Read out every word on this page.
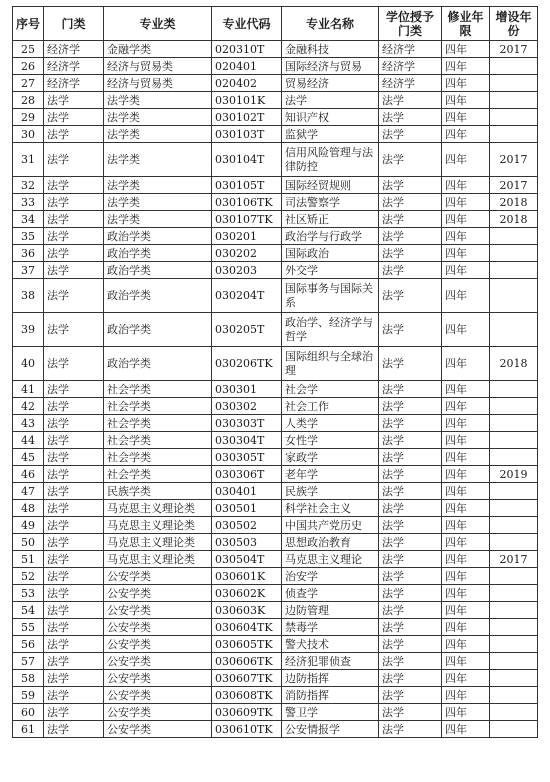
序号	门类	专业类	专业代码	专业名称	学位授予门类	修业年限	增设年份
25	经济学	金融学类	020310T	金融科技	经济学	四年	2017
26	经济学	经济与贸易类	020401	国际经济与贸易	经济学	四年	
27	经济学	经济与贸易类	020402	贸易经济	经济学	四年	
28	法学	法学类	030101K	法学	法学	四年	
29	法学	法学类	030102T	知识产权	法学	四年	
30	法学	法学类	030103T	监狱学	法学	四年	
31	法学	法学类	030104T	信用风险管理与法律防控	法学	四年	2017
32	法学	法学类	030105T	国际经贸规则	法学	四年	2017
33	法学	法学类	030106TK	司法警察学	法学	四年	2018
34	法学	法学类	030107TK	社区矫正	法学	四年	2018
35	法学	政治学类	030201	政治学与行政学	法学	四年	
36	法学	政治学类	030202	国际政治	法学	四年	
37	法学	政治学类	030203	外交学	法学	四年	
38	法学	政治学类	030204T	国际事务与国际关系	法学	四年	
39	法学	政治学类	030205T	政治学、经济学与哲学	法学	四年	
40	法学	政治学类	030206TK	国际组织与全球治理	法学	四年	2018
41	法学	社会学类	030301	社会学	法学	四年	
42	法学	社会学类	030302	社会工作	法学	四年	
43	法学	社会学类	030303T	人类学	法学	四年	
44	法学	社会学类	030304T	女性学	法学	四年	
45	法学	社会学类	030305T	家政学	法学	四年	
46	法学	社会学类	030306T	老年学	法学	四年	2019
47	法学	民族学类	030401	民族学	法学	四年	
48	法学	马克思主义理论类	030501	科学社会主义	法学	四年	
49	法学	马克思主义理论类	030502	中国共产党历史	法学	四年	
50	法学	马克思主义理论类	030503	思想政治教育	法学	四年	
51	法学	马克思主义理论类	030504T	马克思主义理论	法学	四年	2017
52	法学	公安学类	030601K	治安学	法学	四年	
53	法学	公安学类	030602K	侦查学	法学	四年	
54	法学	公安学类	030603K	边防管理	法学	四年	
55	法学	公安学类	030604TK	禁毒学	法学	四年	
56	法学	公安学类	030605TK	警犬技术	法学	四年	
57	法学	公安学类	030606TK	经济犯罪侦查	法学	四年	
58	法学	公安学类	030607TK	边防指挥	法学	四年	
59	法学	公安学类	030608TK	消防指挥	法学	四年	
60	法学	公安学类	030609TK	警卫学	法学	四年	
61	法学	公安学类	030610TK	公安情报学	法学	四年	
